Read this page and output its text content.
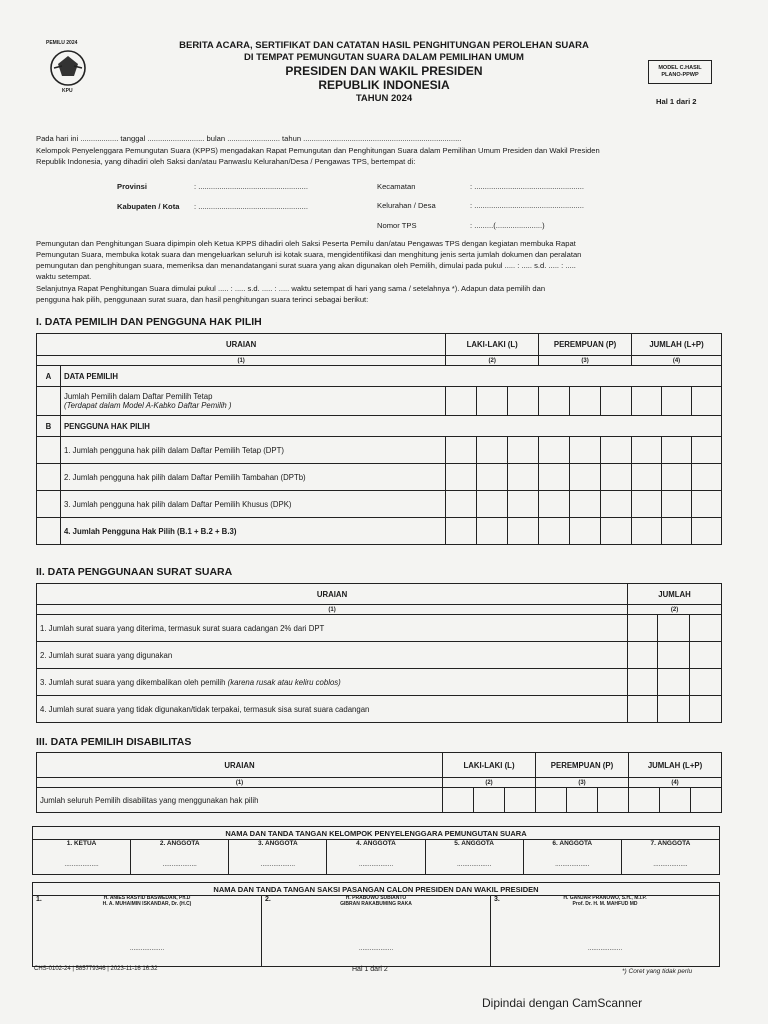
PEMILU 2024
KPU
BERITA ACARA, SERTIFIKAT DAN CATATAN HASIL PENGHITUNGAN PEROLEHAN SUARA
DI TEMPAT PEMUNGUTAN SUARA DALAM PEMILIHAN UMUM
PRESIDEN DAN WAKIL PRESIDEN
REPUBLIK INDONESIA
TAHUN 2024
MODEL C.HASIL PLANO-PPWP
Hal 1 dari 2
Pada hari ini .................. tanggal ........................... bulan ......................... tahun ...........................................................................
Kelompok Penyelenggara Pemungutan Suara (KPPS) mengadakan Rapat Pemungutan dan Penghitungan Suara dalam Pemilihan Umum Presiden dan Wakil Presiden
Republik Indonesia, yang dihadiri oleh Saksi dan/atau Panwaslu Kelurahan/Desa / Pengawas TPS, bertempat di:
Provinsi	: ....................................................
Kabupaten / Kota : ....................................................
Kecamatan	: ....................................................
Kelurahan / Desa	: ....................................................
Nomor TPS	: .........(......................)
Pemungutan dan Penghitungan Suara dipimpin oleh Ketua KPPS dihadiri oleh Saksi Peserta Pemilu dan/atau Pengawas TPS dengan kegiatan membuka Rapat
Pemungutan Suara, membuka kotak suara dan mengeluarkan seluruh isi kotak suara, mengidentifikasi dan menghitung jenis serta jumlah dokumen dan peralatan
pemungutan dan penghitungan suara, memeriksa dan menandatangani surat suara yang akan digunakan oleh Pemilih, dimulai pada pukul ..... : ..... s.d. ..... : .....
waktu setempat.
Selanjutnya Rapat Penghitungan Suara dimulai pukul ..... : ..... s.d. ..... : ..... waktu setempat di hari yang sama / setelahnya *). Adapun data pemilih dan
pengguna hak pilih, penggunaan surat suara, dan hasil penghitungan suara terinci sebagai berikut:
I. DATA PEMILIH DAN PENGGUNA HAK PILIH
URAIAN		LAKI-LAKI (L)			PEREMPUAN (P)			JUMLAH (L+P)		
(1)		(2)			(3)			(4)		
A	DATA PEMILIH									

	Jumlah Pemilih dalam Daftar Pemilih Tetap
(Terdapat dalam Model A-Kabko Daftar Pemilih )									

B	PENGGUNA HAK PILIH									
	1. Jumlah pengguna hak pilih dalam Daftar Pemilih Tetap (DPT)									
	2. Jumlah pengguna hak pilih dalam Daftar Pemilih Tambahan (DPTb)									
	3. Jumlah pengguna hak pilih dalam Daftar Pemilih Khusus (DPK)									
	4. Jumlah Pengguna Hak Pilih (B.1 + B.2 + B.3)									
II. DATA PENGGUNAAN SURAT SUARA
URAIAN	JUMLAH		
(1)	(2)		
1. Jumlah surat suara yang diterima, termasuk surat suara cadangan 2% dari DPT			
2. Jumlah surat suara yang digunakan			
3. Jumlah surat suara yang dikembalikan oleh pemilih (karena rusak atau keliru coblos)			
4. Jumlah surat suara yang tidak digunakan/tidak terpakai, termasuk sisa surat suara cadangan			
III. DATA PEMILIH DISABILITAS
URAIAN	LAKI-LAKI (L)			PEREMPUAN (P)			JUMLAH (L+P)		
(1)	(2)			(3)			(4)		
Jumlah seluruh Pemilih disabilitas yang menggunakan hak pilih									
NAMA DAN TANDA TANGAN KELOMPOK PENYELENGGARA PEMUNGUTAN SUARA

1. KETUA
...................

2. ANGGOTA
...................

3. ANGGOTA
...................

4. ANGGOTA
...................

5. ANGGOTA
...................

6. ANGGOTA
...................

7. ANGGOTA
...................
NAMA DAN TANDA TANGAN SAKSI PASANGAN CALON PRESIDEN DAN WAKIL PRESIDEN

1.	H. ANIES RASYID BASWEDAN, Ph.D
H. A. MUHAIMIN ISKANDAR, Dr. (H.C)
...................

2.	H. PRABOWO SUBIANTO
GIBRAN RAKABUMING RAKA
...................

3.	H. GANJAR PRANOWO, S.H., M.I.P.
Prof. Dr. H. M. MAHFUD MD
...................
CHS-0102-24 | 585779346 | 2023-11-16 16.32	Hal 1 dari 2	*) Coret yang tidak perlu
Dipindai dengan CamScanner
